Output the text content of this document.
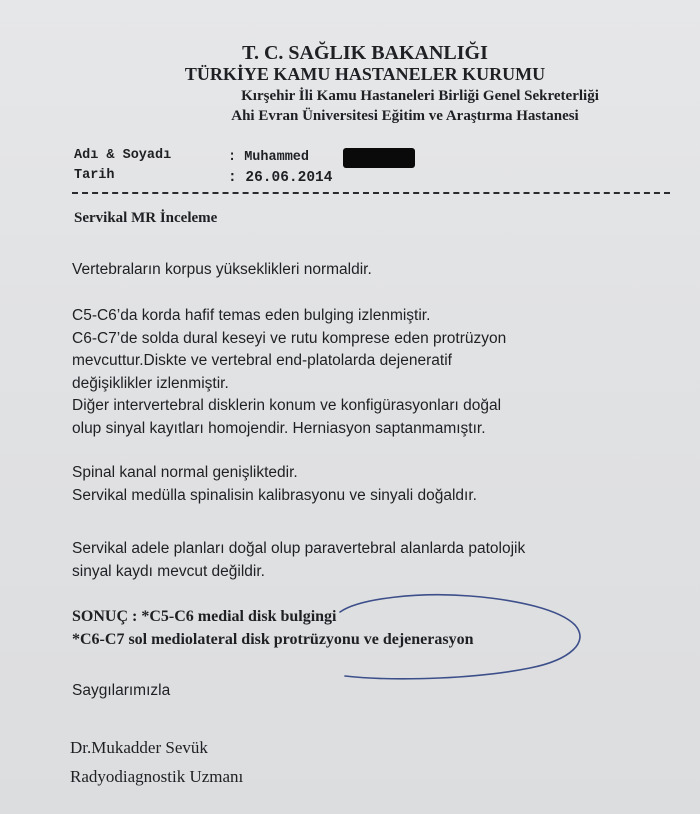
T. C. SAĞLIK BAKANLIĞI
TÜRKİYE KAMU HASTANELER KURUMU
Kırşehir İli Kamu Hastaneleri Birliği Genel Sekreterliği
Ahi Evran Üniversitesi Eğitim ve Araştırma Hastanesi
Adı & Soyadı	: Muhammed
Tarih	: 26.06.2014
Servikal MR İnceleme
Vertebraların korpus yükseklikleri normaldir.
C5-C6’da korda hafif temas eden bulging izlenmiştir.
C6-C7’de solda dural keseyi ve rutu komprese eden protrüzyon
mevcuttur.Diskte ve vertebral end-platolarda dejeneratif
değişiklikler izlenmiştir.
Diğer intervertebral disklerin konum ve konfigürasyonları doğal
olup sinyal kayıtları homojendir. Herniasyon saptanmamıştır.
Spinal kanal normal genişliktedir.
Servikal medülla spinalisin kalibrasyonu ve sinyali doğaldır.
Servikal adele planları doğal olup paravertebral alanlarda patolojik
sinyal kaydı mevcut değildir.
SONUÇ : *C5-C6 medial disk bulgingi
*C6-C7 sol mediolateral disk protrüzyonu ve dejenerasyon
Saygılarımızla
Dr.Mukadder Sevük
Radyodiagnostik Uzmanı
